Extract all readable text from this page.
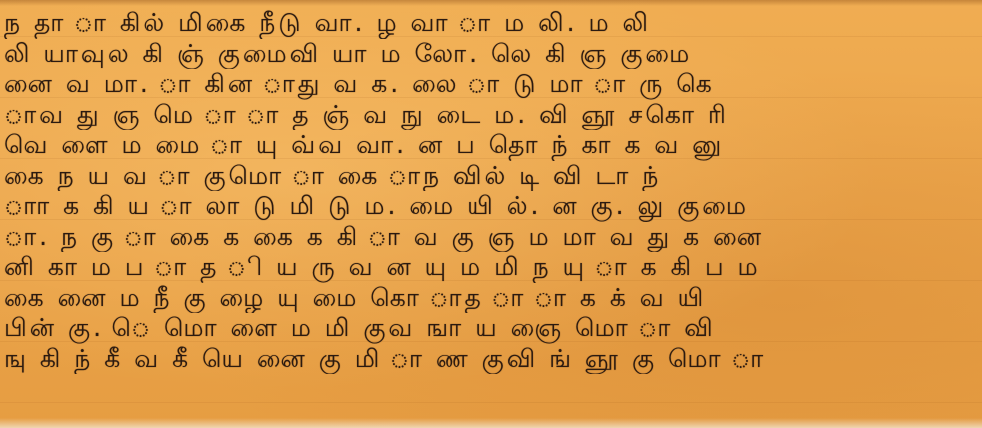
ந தா ா கில் மிகை நீடு வா. ழ வா ா ம லி. ம லி
லி யாவுல கி ஞ் குமைவி யா ம லோ. லெ கி ஞ குமை
னை வ மா. ா கின ாது வ க. லை ா டு மா ா ரு கெ
ாவ து ஞ மெ ா ா த ஞ் வ நு டை ம. வி ஞூ சகொ ரி
வெ ளை ம மை ா யு வ்வ வா. ன ப தொ ந் கா க வ னு
கை ந ய வ ா குமொ ா கை ாந வில் டி வி டா ந்
ாா க கி ய ா லா டு மி டு ம. மை யி ல். ன கு. லு குமை
ா. ந கு ா கை க கை க கி ா வ கு ஞ ம மா வ து க னை
னி கா ம ப ா த ி ய ரு வ ன யு ம மி ந யு ா க கி ப ம
கை னை ம நீ கு ழை யு மை கொ ாத ா ா க க் வ யி
பின் கு. ெ மொ ளை ம மி குவ ஙா ய ஞை மொ ா வி
ஙு கி ந் கீ வ கீ யெ னை கு மி ா ண குவி ங் ஞூ கு மொ ா
